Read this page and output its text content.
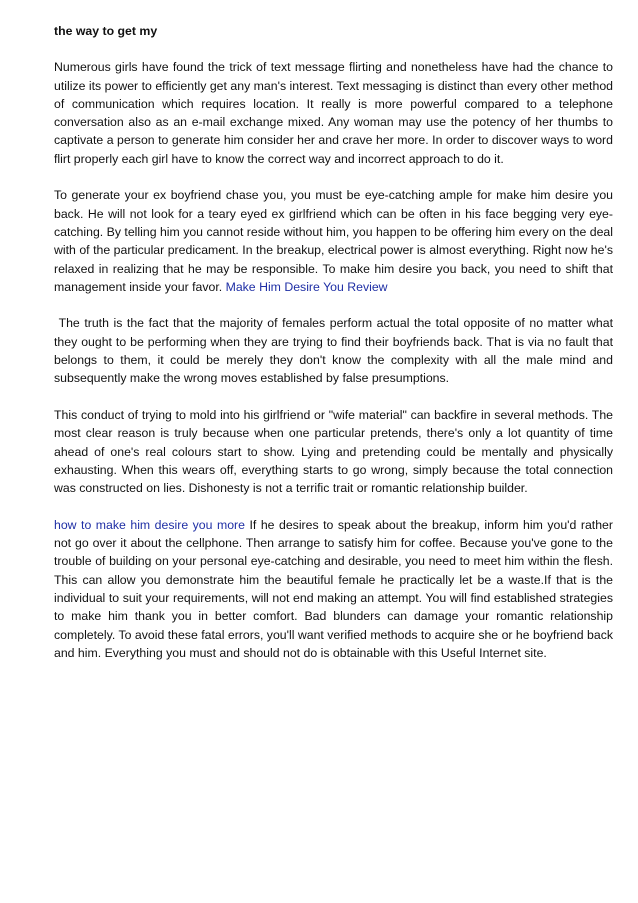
the way to get my

Numerous girls have found the trick of text message flirting and nonetheless have had the chance to utilize its power to efficiently get any man's interest. Text messaging is distinct than every other method of communication which requires location. It really is more powerful compared to a telephone conversation also as an e-mail exchange mixed. Any woman may use the potency of her thumbs to captivate a person to generate him consider her and crave her more. In order to discover ways to word flirt properly each girl have to know the correct way and incorrect approach to do it.

To generate your ex boyfriend chase you, you must be eye-catching ample for make him desire you back. He will not look for a teary eyed ex girlfriend which can be often in his face begging very eye-catching. By telling him you cannot reside without him, you happen to be offering him every on the deal with of the particular predicament. In the breakup, electrical power is almost everything. Right now he's relaxed in realizing that he may be responsible. To make him desire you back, you need to shift that management inside your favor. Make Him Desire You Review

The truth is the fact that the majority of females perform actual the total opposite of no matter what they ought to be performing when they are trying to find their boyfriends back. That is via no fault that belongs to them, it could be merely they don't know the complexity with all the male mind and subsequently make the wrong moves established by false presumptions.

This conduct of trying to mold into his girlfriend or "wife material" can backfire in several methods. The most clear reason is truly because when one particular pretends, there's only a lot quantity of time ahead of one's real colours start to show. Lying and pretending could be mentally and physically exhausting. When this wears off, everything starts to go wrong, simply because the total connection was constructed on lies. Dishonesty is not a terrific trait or romantic relationship builder.

how to make him desire you more If he desires to speak about the breakup, inform him you'd rather not go over it about the cellphone. Then arrange to satisfy him for coffee. Because you've gone to the trouble of building on your personal eye-catching and desirable, you need to meet him within the flesh. This can allow you demonstrate him the beautiful female he practically let be a waste.If that is the individual to suit your requirements, will not end making an attempt. You will find established strategies to make him thank you in better comfort. Bad blunders can damage your romantic relationship completely. To avoid these fatal errors, you'll want verified methods to acquire she or he boyfriend back and him. Everything you must and should not do is obtainable with this Useful Internet site.
